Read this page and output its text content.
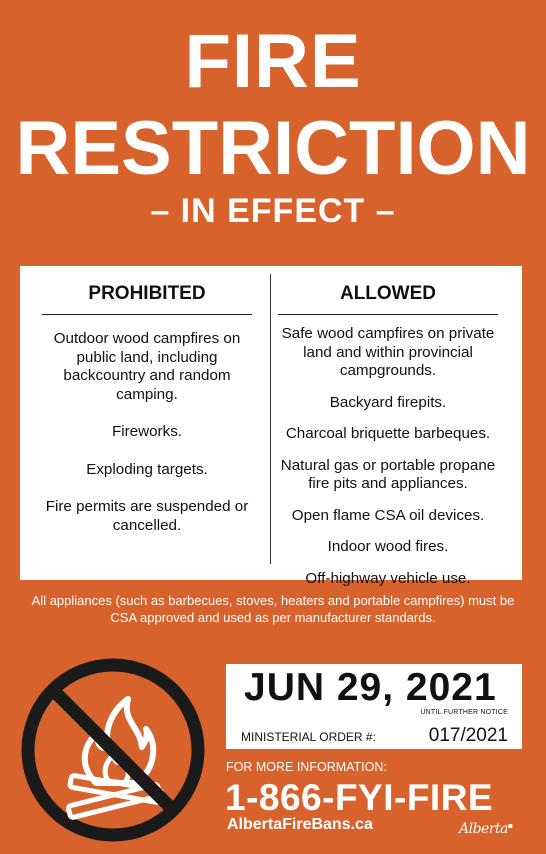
FIRE
RESTRICTION
– IN EFFECT –
PROHIBITED
Outdoor wood campfires on public land, including backcountry and random camping.
Fireworks.
Exploding targets.
Fire permits are suspended or cancelled.
ALLOWED
Safe wood campfires on private land and within provincial campgrounds.
Backyard firepits.
Charcoal briquette barbeques.
Natural gas or portable propane fire pits and appliances.
Open flame CSA oil devices.
Indoor wood fires.
Off-highway vehicle use.
All appliances (such as barbecues, stoves, heaters and portable campfires) must be CSA approved and used as per manufacturer standards.
JUN 29, 2021
UNTIL FURTHER NOTICE
MINISTERIAL ORDER #:	017/2021
FOR MORE INFORMATION:
1-866-FYI-FIRE
AlbertaFireBans.ca	Alberta■
